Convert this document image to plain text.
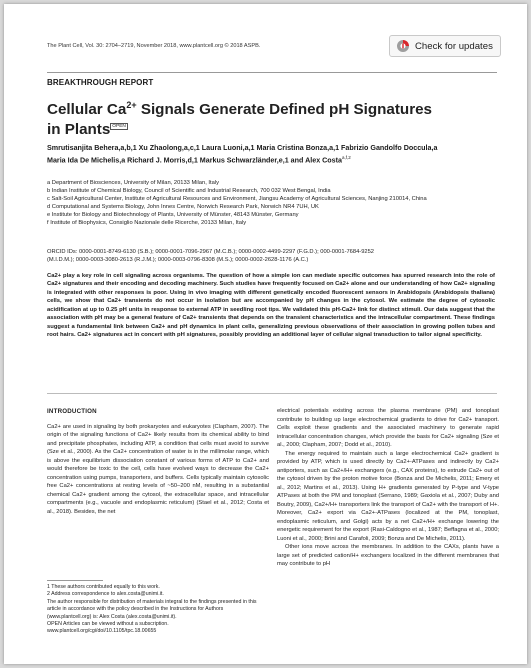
The Plant Cell, Vol. 30: 2704–2719, November 2018, www.plantcell.org © 2018 ASPB.	Check for updates
BREAKTHROUGH REPORT
Cellular $Ca^{2+}$ Signals Generate Defined pH Signatures
in Plants $^{OPEN}$
Smrutisanjita Behera,a,b,1 Xu Zhaolong,a,c,1 Laura Luoni,a,1 Maria Cristina Bonza,a,1 Fabrizio Gandolfo Doccula,a
Maria Ida De Michelis,a Richard J. Morris,d,1 Markus Schwarzländer,e,1 and Alex Costa$^{a,f,2}$
a Department of Biosciences, University of Milan, 20133 Milan, Italy
b Indian Institute of Chemical Biology, Council of Scientific and Industrial Research, 700 032 West Bengal, India
c Salt-Soil Agricultural Center, Institute of Agricultural Resources and Environment, Jiangsu Academy of Agricultural Sciences, Nanjing 210014, China
d Computational and Systems Biology, John Innes Centre, Norwich Research Park, Norwich NR4 7UH, UK
e Institute for Biology and Biotechnology of Plants, University of Münster, 48143 Münster, Germany
f Institute of Biophysics, Consiglio Nazionale delle Ricerche, 20133 Milan, Italy
ORCID IDs: 0000-0001-8749-6130 (S.B.); 0000-0001-7096-2967 (M.C.B.); 0000-0002-4499-2297 (F.G.D.); 000-0001-7684-9252
(M.I.D.M.); 0000-0003-3080-2613 (R.J.M.); 0000-0003-0796-8308 (M.S.); 0000-0002-2628-1176 (A.C.)
Ca2+ play a key role in cell signaling across organisms. The question of how a simple ion can mediate specific outcomes has spurred research into the role of Ca2+ signatures and their encoding and decoding machinery. Such studies have frequently focused on Ca2+ alone and our understanding of how Ca2+ signaling is integrated with other responses is poor. Using in vivo imaging with different genetically encoded fluorescent sensors in Arabidopsis (Arabidopsis thaliana) cells, we show that Ca2+ transients do not occur in isolation but are accompanied by pH changes in the cytosol. We estimate the degree of cytosolic acidification at up to 0.25 pH units in response to external ATP in seedling root tips. We validated this pH-Ca2+ link for distinct stimuli. Our data suggest that the association with pH may be a general feature of Ca2+ transients that depends on the transient characteristics and the intracellular compartment. These findings suggest a fundamental link between Ca2+ and pH dynamics in plant cells, generalizing previous observations of their association in growing pollen tubes and root hairs. Ca2+ signatures act in concert with pH signatures, possibly providing an additional layer of cellular signal transduction to tailor signal specificity.
INTRODUCTION

Ca2+ are used in signaling by both prokaryotes and eukaryotes (Clapham, 2007). The origin of the signaling functions of Ca2+ likely results from its chemical ability to bind and precipitate phosphates, including ATP, a condition that cells must avoid to survive (Sze et al., 2000). As the Ca2+ concentration of water is in the millimolar range, which is above the equilibrium dissociation constant of various forms of ATP to Ca2+ and would therefore be toxic to the cell, cells have evolved ways to decrease the Ca2+ concentration using pumps, transporters, and buffers. Cells typically maintain cytosolic free Ca2+ concentrations at resting levels of ~50–200 nM, resulting in a substantial chemical Ca2+ gradient among the cytosol, the extracellular space, and intracellular compartments (e.g., vacuole and endoplasmic reticulum) (Stael et al., 2012; Costa et al., 2018). Besides, the net

electrical potentials existing across the plasma membrane (PM) and tonoplast contribute to building up large electrochemical gradients to drive for Ca2+ transport. Cells exploit these gradients and the associated machinery to generate rapid intracellular concentration changes, which provide the basis for Ca2+ signaling (Sze et al., 2000; Clapham, 2007; Dodd et al., 2010).

The energy required to maintain such a large electrochemical Ca2+ gradient is provided by ATP, which is used directly by Ca2+-ATPases and indirectly by Ca2+ antiporters, such as Ca2+/H+ exchangers (e.g., CAX proteins), to extrude Ca2+ out of the cytosol driven by the proton motive force (Bonza and De Michelis, 2011; Emery et al., 2012; Martins et al., 2013). Using H+ gradients generated by P-type and V-type ATPases at both the PM and tonoplast (Serrano, 1989; Gaxiola et al., 2007; Duby and Boutry, 2009), Ca2+/H+ transporters link the transport of Ca2+ with the transport of H+. Moreover, Ca2+ export via Ca2+-ATPases (localized at the PM, tonoplast, endoplasmic reticulum, and Golgi) acts by a net Ca2+/H+ exchange lowering the energetic requirement for the export (Rasi-Caldogno et al., 1987; Beffagna et al., 2000; Luoni et al., 2000; Brini and Carafoli, 2009; Bonza and De Michelis, 2011).

Other ions move across the membranes. In addition to the CAXs, plants have a large set of predicted cation/H+ exchangers localized in the different membranes that may contribute to pH

1 These authors contributed equally to this work.
2 Address correspondence to alex.costa@unimi.it.
The author responsible for distribution of materials integral to the findings presented in this article in accordance with the policy described in the Instructions for Authors (www.plantcell.org) is: Alex Costa (alex.costa@unimi.it).
OPEN Articles can be viewed without a subscription.
www.plantcell.org/cgi/doi/10.1105/tpc.18.00655
